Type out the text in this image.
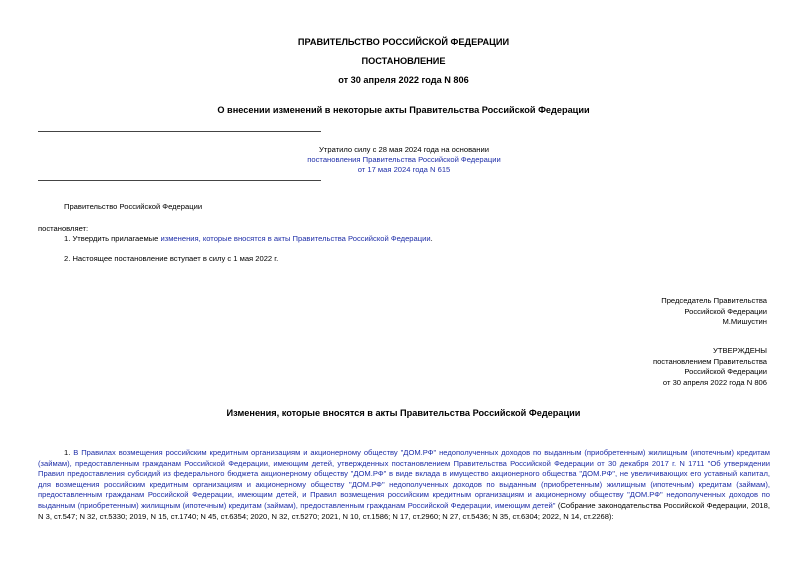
ПРАВИТЕЛЬСТВО РОССИЙСКОЙ ФЕДЕРАЦИИ
ПОСТАНОВЛЕНИЕ
от 30 апреля 2022 года N 806
О внесении изменений в некоторые акты Правительства Российской Федерации
Утратило силу с 28 мая 2024 года на основании
постановления Правительства Российской Федерации
от 17 мая 2024 года N 615
Правительство Российской Федерации
постановляет:
1. Утвердить прилагаемые изменения, которые вносятся в акты Правительства Российской Федерации.
2. Настоящее постановление вступает в силу с 1 мая 2022 г.
Председатель Правительства
Российской Федерации
М.Мишустин
УТВЕРЖДЕНЫ
постановлением Правительства
Российской Федерации
от 30 апреля 2022 года N 806
Изменения, которые вносятся в акты Правительства Российской Федерации
1. В Правилах возмещения российским кредитным организациям и акционерному обществу "ДОМ.РФ" недополученных доходов по выданным (приобретенным) жилищным (ипотечным) кредитам (займам), предоставленным гражданам Российской Федерации, имеющим детей, утвержденных постановлением Правительства Российской Федерации от 30 декабря 2017 г. N 1711 "Об утверждении Правил предоставления субсидий из федерального бюджета акционерному обществу "ДОМ.РФ" в виде вклада в имущество акционерного общества "ДОМ.РФ", не увеличивающих его уставный капитал, для возмещения российским кредитным организациям и акционерному обществу "ДОМ.РФ" недополученных доходов по выданным (приобретенным) жилищным (ипотечным) кредитам (займам), предоставленным гражданам Российской Федерации, имеющим детей, и Правил возмещения российским кредитным организациям и акционерному обществу "ДОМ.РФ" недополученных доходов по выданным (приобретенным) жилищным (ипотечным) кредитам (займам), предоставленным гражданам Российской Федерации, имеющим детей" (Собрание законодательства Российской Федерации, 2018, N 3, ст.547; N 32, ст.5330; 2019, N 15, ст.1740; N 45, ст.6354; 2020, N 32, ст.5270; 2021, N 10, ст.1586; N 17, ст.2960; N 27, ст.5436; N 35, ст.6304; 2022, N 14, ст.2268):
